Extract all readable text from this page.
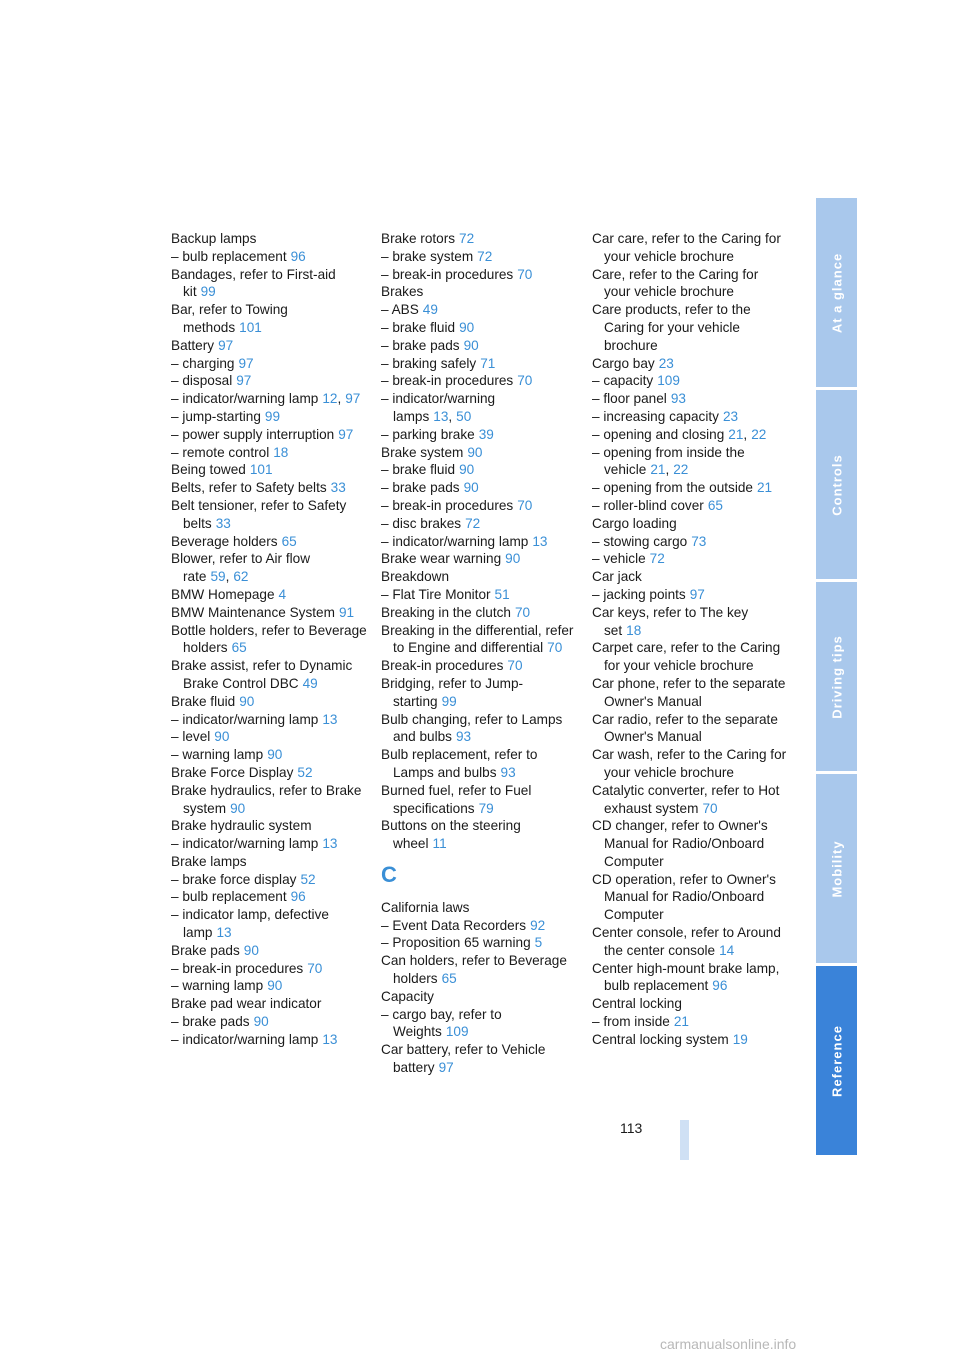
Backup lamps
– bulb replacement 96
Bandages, refer to First-aid kit 99
Bar, refer to Towing methods 101
Battery 97
– charging 97
– disposal 97
– indicator/warning lamp 12, 97
– jump-starting 99
– power supply interruption 97
– remote control 18
Being towed 101
Belts, refer to Safety belts 33
Belt tensioner, refer to Safety belts 33
Beverage holders 65
Blower, refer to Air flow rate 59, 62
BMW Homepage 4
BMW Maintenance System 91
Bottle holders, refer to Beverage holders 65
Brake assist, refer to Dynamic Brake Control DBC 49
Brake fluid 90
– indicator/warning lamp 13
– level 90
– warning lamp 90
Brake Force Display 52
Brake hydraulics, refer to Brake system 90
Brake hydraulic system
– indicator/warning lamp 13
Brake lamps
– brake force display 52
– bulb replacement 96
– indicator lamp, defective lamp 13
Brake pads 90
– break-in procedures 70
– warning lamp 90
Brake pad wear indicator
– brake pads 90
– indicator/warning lamp 13
Brake rotors 72
– brake system 72
– break-in procedures 70
Brakes
– ABS 49
– brake fluid 90
– brake pads 90
– braking safely 71
– break-in procedures 70
– indicator/warning lamps 13, 50
– parking brake 39
Brake system 90
– brake fluid 90
– brake pads 90
– break-in procedures 70
– disc brakes 72
– indicator/warning lamp 13
Brake wear warning 90
Breakdown
– Flat Tire Monitor 51
Breaking in the clutch 70
Breaking in the differential, refer to Engine and differential 70
Break-in procedures 70
Bridging, refer to Jump-starting 99
Bulb changing, refer to Lamps and bulbs 93
Bulb replacement, refer to Lamps and bulbs 93
Burned fuel, refer to Fuel specifications 79
Buttons on the steering wheel 11
C
California laws
– Event Data Recorders 92
– Proposition 65 warning 5
Can holders, refer to Beverage holders 65
Capacity
– cargo bay, refer to Weights 109
Car battery, refer to Vehicle battery 97
Car care, refer to the Caring for your vehicle brochure
Care, refer to the Caring for your vehicle brochure
Care products, refer to the Caring for your vehicle brochure
Cargo bay 23
– capacity 109
– floor panel 93
– increasing capacity 23
– opening and closing 21, 22
– opening from inside the vehicle 21, 22
– opening from the outside 21
– roller-blind cover 65
Cargo loading
– stowing cargo 73
– vehicle 72
Car jack
– jacking points 97
Car keys, refer to The key set 18
Carpet care, refer to the Caring for your vehicle brochure
Car phone, refer to the separate Owner's Manual
Car radio, refer to the separate Owner's Manual
Car wash, refer to the Caring for your vehicle brochure
Catalytic converter, refer to Hot exhaust system 70
CD changer, refer to Owner's Manual for Radio/Onboard Computer
CD operation, refer to Owner's Manual for Radio/Onboard Computer
Center console, refer to Around the center console 14
Center high-mount brake lamp, bulb replacement 96
Central locking
– from inside 21
Central locking system 19
At a glance
Controls
Driving tips
Mobility
Reference
113
carmanualsonline.info
